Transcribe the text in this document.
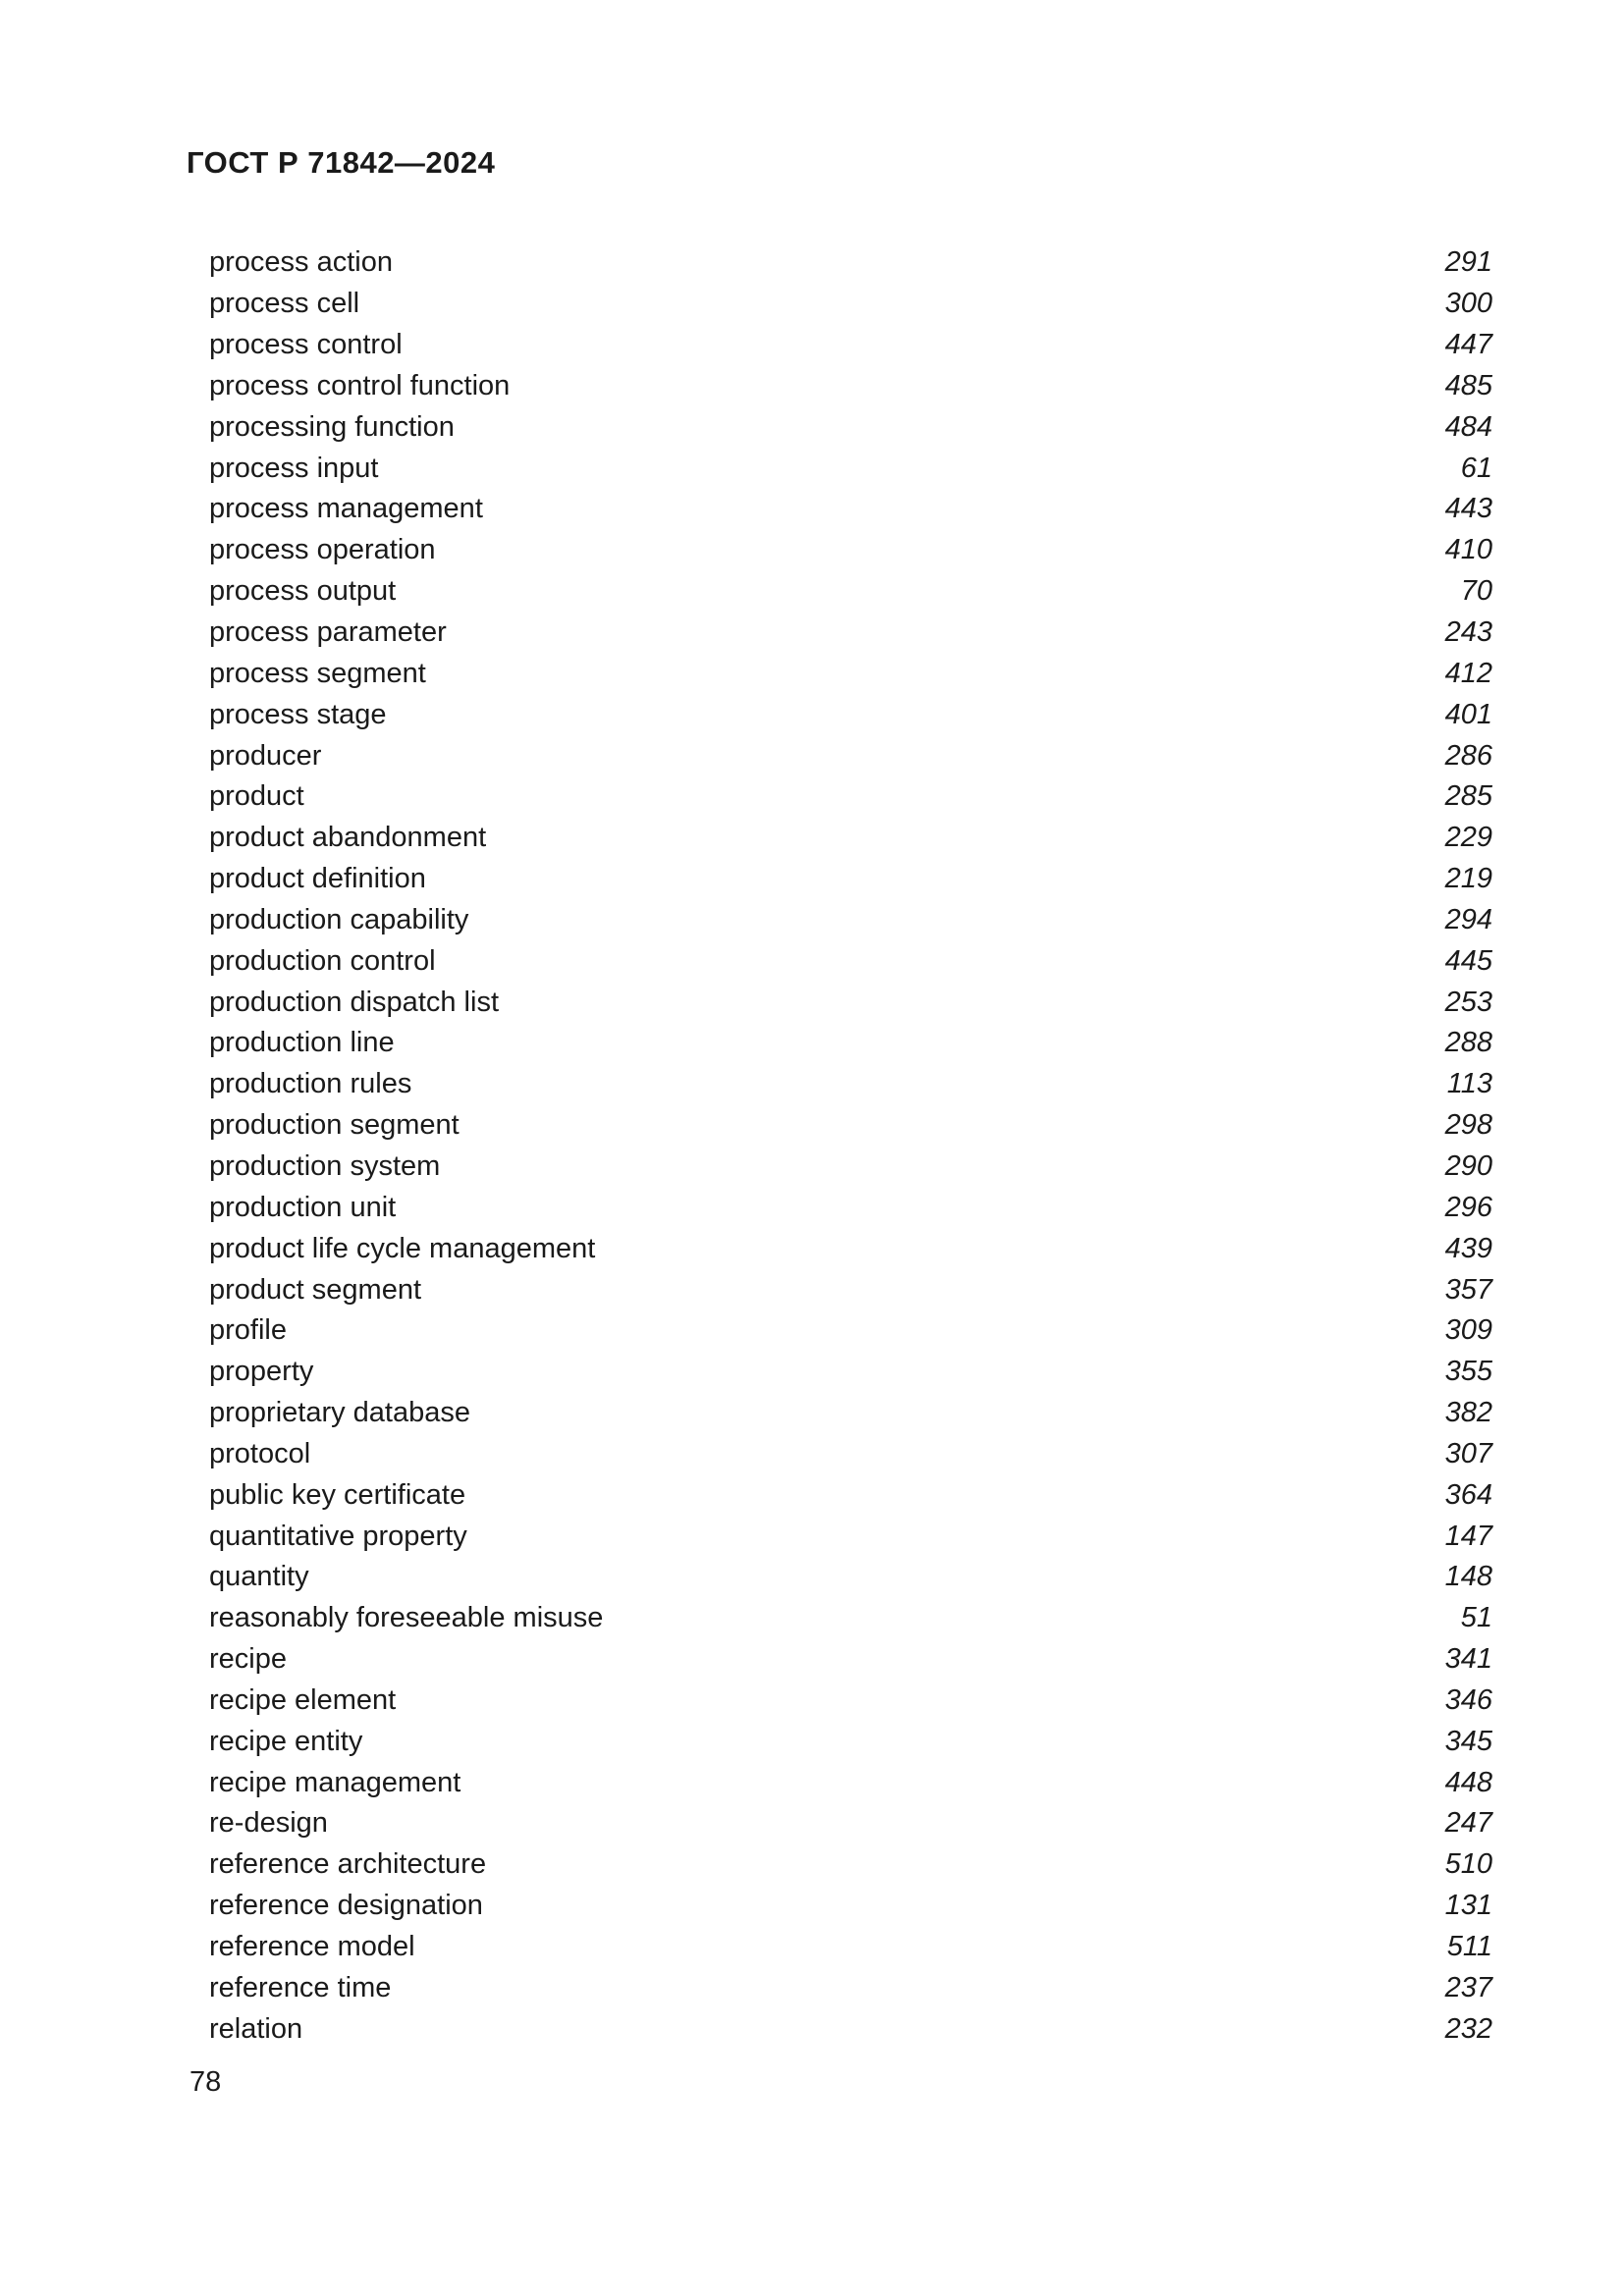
ГОСТ Р 71842—2024
process action	291
process cell	300
process control	447
process control function	485
processing function	484
process input	61
process management	443
process operation	410
process output	70
process parameter	243
process segment	412
process stage	401
producer	286
product	285
product abandonment	229
product definition	219
production capability	294
production control	445
production dispatch list	253
production line	288
production rules	113
production segment	298
production system	290
production unit	296
product life cycle management	439
product segment	357
profile	309
property	355
proprietary database	382
protocol	307
public key certificate	364
quantitative property	147
quantity	148
reasonably foreseeable misuse	51
recipe	341
recipe element	346
recipe entity	345
recipe management	448
re-design	247
reference architecture	510
reference designation	131
reference model	511
reference time	237
relation	232
78
